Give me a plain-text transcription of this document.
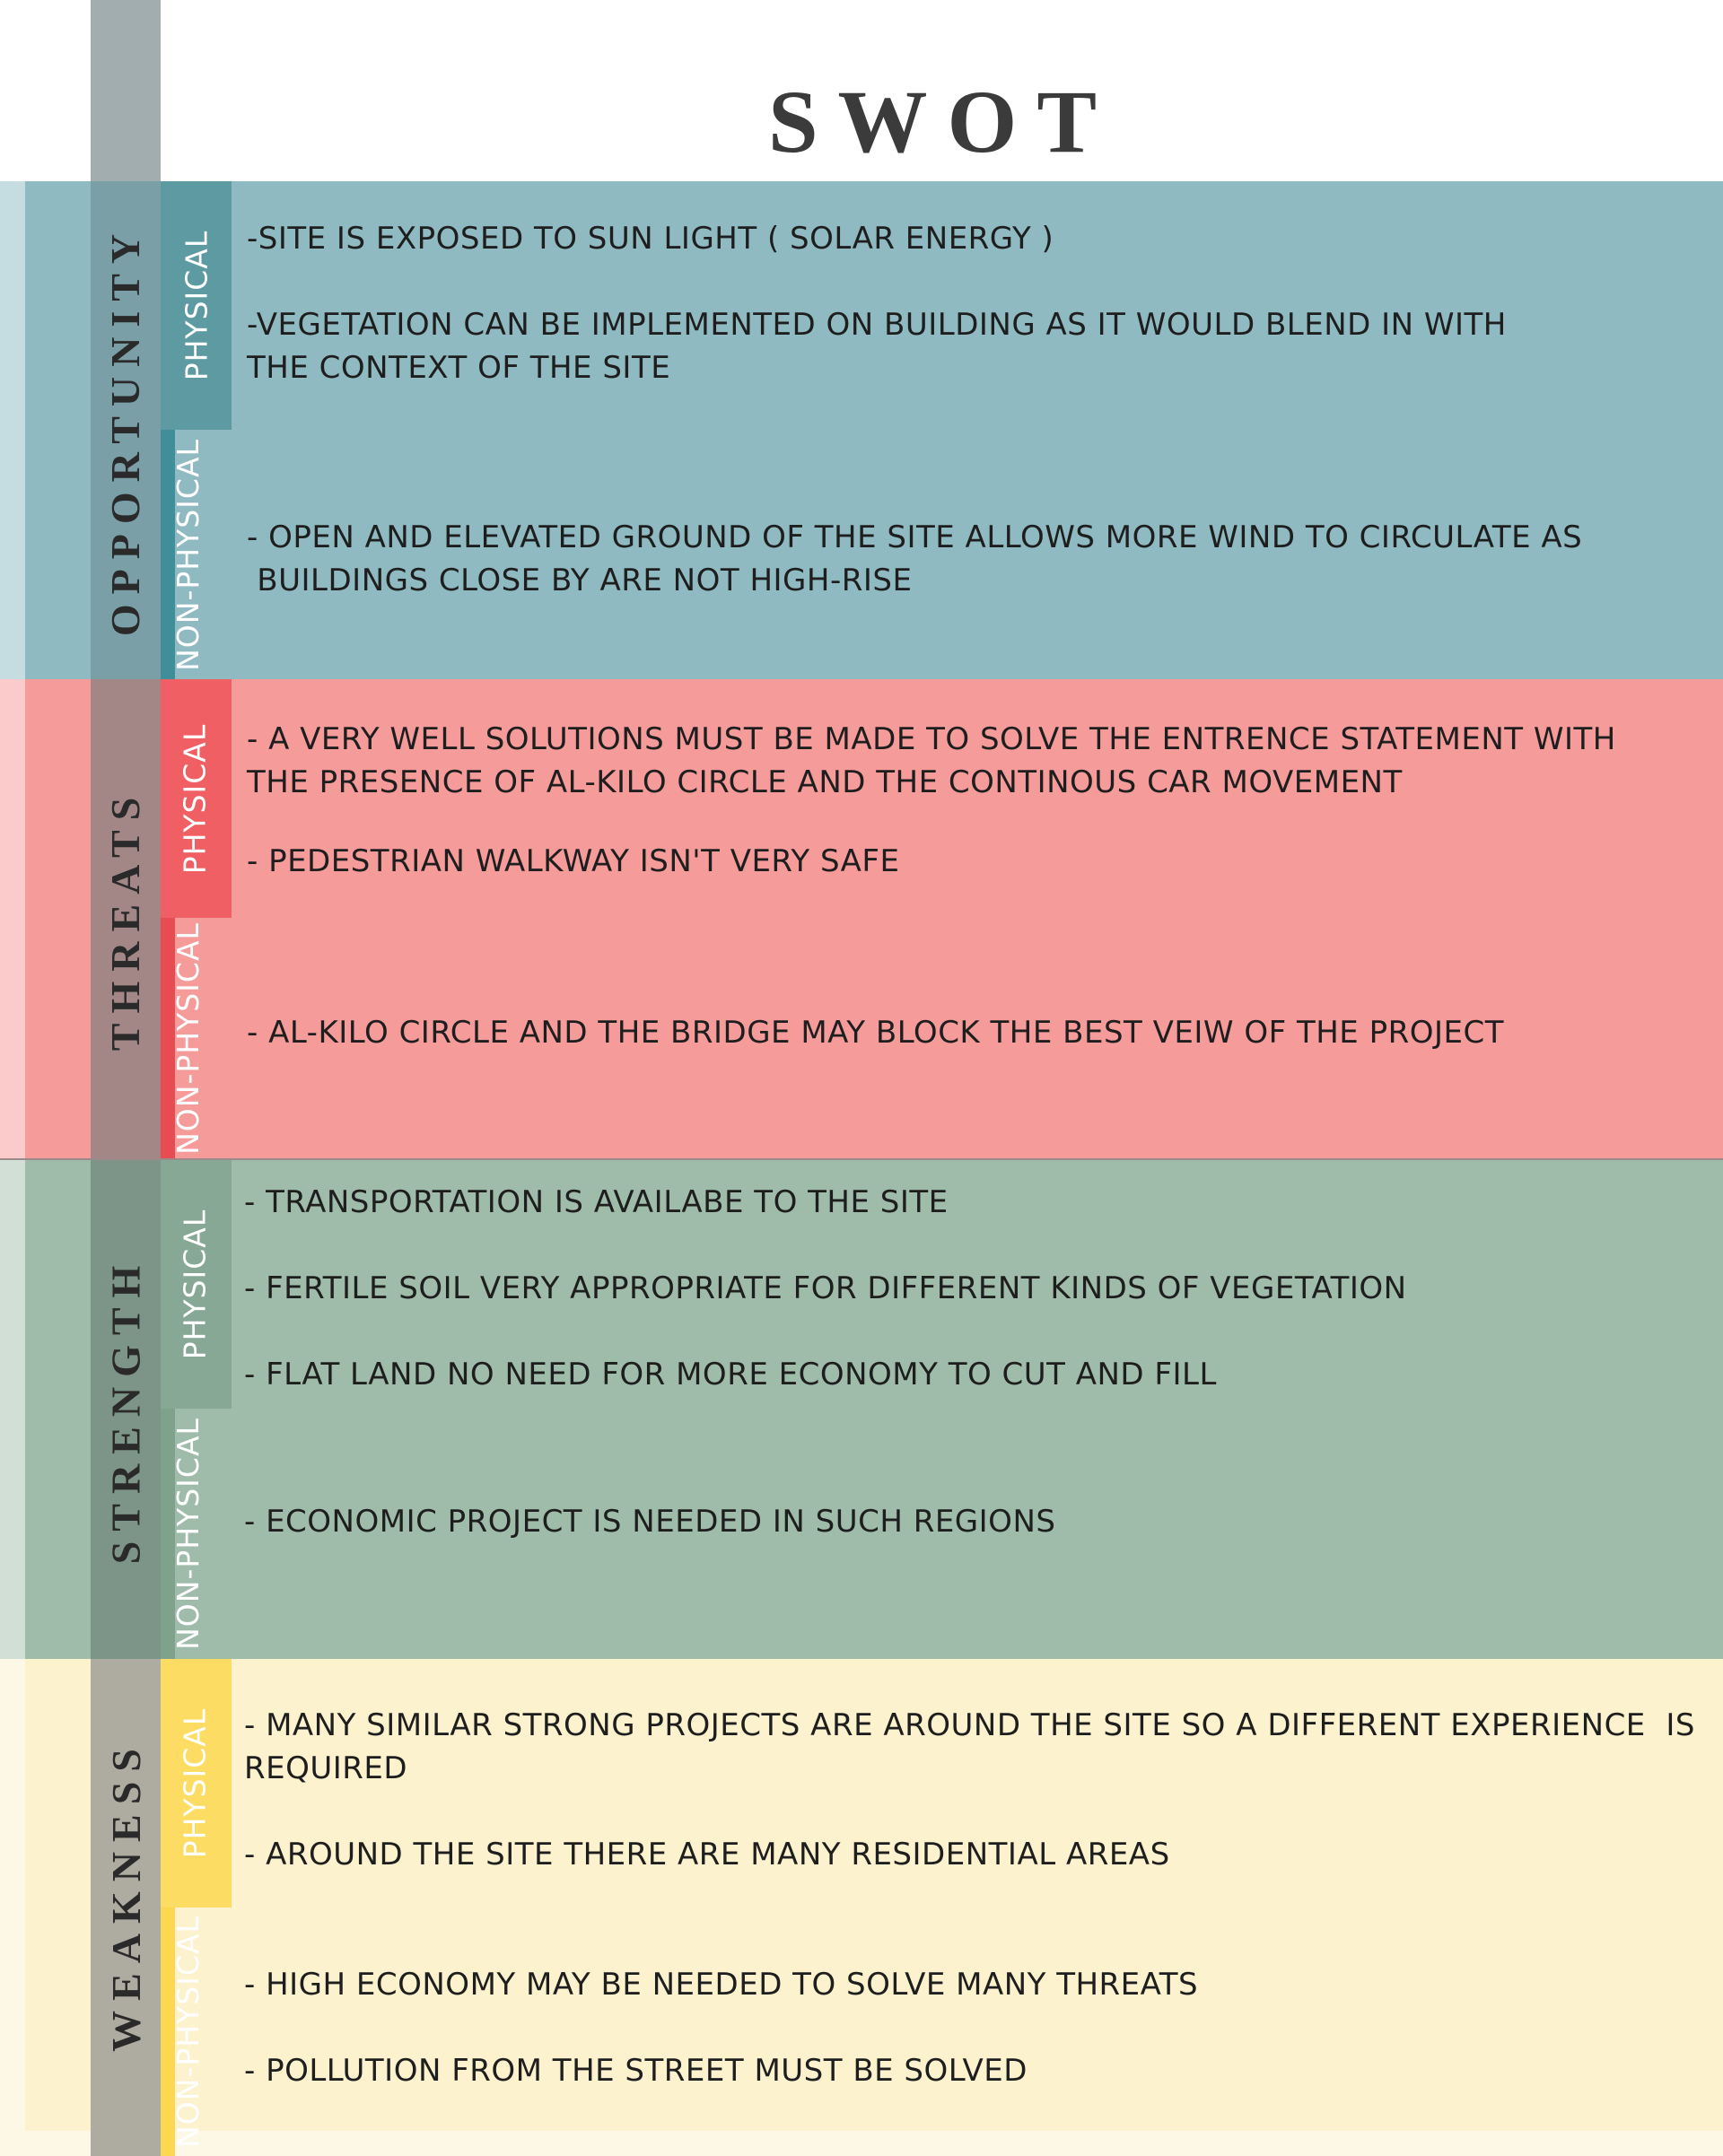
SWOT
OPPORTUNITY PHYSICAL
NON-PHYSICAL
-SITE IS EXPOSED TO SUN LIGHT ( SOLAR ENERGY )
-VEGETATION CAN BE IMPLEMENTED ON BUILDING AS IT WOULD BLEND IN WITH
THE CONTEXT OF THE SITE
- OPEN AND ELEVATED GROUND OF THE SITE ALLOWS MORE WIND TO CIRCULATE AS
BUILDINGS CLOSE BY ARE NOT HIGH-RISE
THREATS PHYSICAL
NON-PHYSICAL
- A VERY WELL SOLUTIONS MUST BE MADE TO SOLVE THE ENTRENCE STATEMENT WITH
THE PRESENCE OF AL-KILO CIRCLE AND THE CONTINOUS CAR MOVEMENT
- PEDESTRIAN WALKWAY ISN'T VERY SAFE
- AL-KILO CIRCLE AND THE BRIDGE MAY BLOCK THE BEST VEIW OF THE PROJECT
STRENGTH PHYSICAL
NON-PHYSICAL
- TRANSPORTATION IS AVAILABE TO THE SITE
- FERTILE SOIL VERY APPROPRIATE FOR DIFFERENT KINDS OF VEGETATION
- FLAT LAND NO NEED FOR MORE ECONOMY TO CUT AND FILL
- ECONOMIC PROJECT IS NEEDED IN SUCH REGIONS
WEAKNESS PHYSICAL
NON-PHYSICAL
- MANY SIMILAR STRONG PROJECTS ARE AROUND THE SITE SO A DIFFERENT EXPERIENCE  IS
REQUIRED
- AROUND THE SITE THERE ARE MANY RESIDENTIAL AREAS
- HIGH ECONOMY MAY BE NEEDED TO SOLVE MANY THREATS
- POLLUTION FROM THE STREET MUST BE SOLVED
